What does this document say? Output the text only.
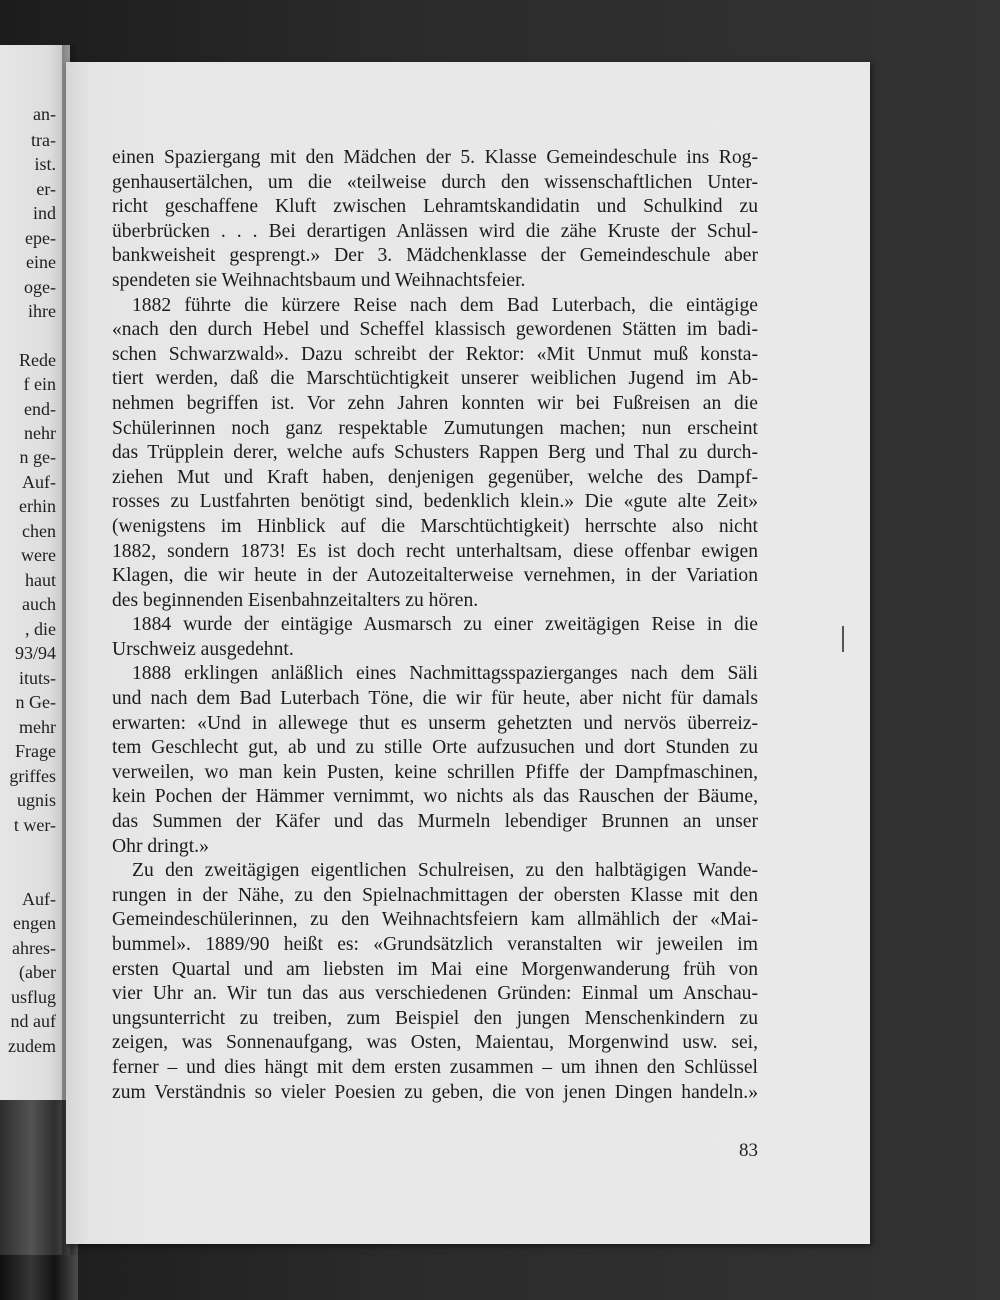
an-
tra-
ist.
er-
ind
epe-
eine
oge-
ihre
Rede
f ein
end-
nehr
n ge-
Auf-
erhin
chen
were
haut
auch
, die
93/94
ituts-
n Ge-
mehr
Frage
griffes
ugnis
t wer-
Auf-
engen
ahres-
(aber
usflug
nd auf
zudem

einen Spaziergang mit den Mädchen der 5. Klasse Gemeindeschule ins Rog-
genhausertälchen, um die «teilweise durch den wissenschaftlichen Unter-
richt geschaffene Kluft zwischen Lehramtskandidatin und Schulkind zu
überbrücken . . . Bei derartigen Anlässen wird die zähe Kruste der Schul-
bankweisheit gesprengt.» Der 3. Mädchenklasse der Gemeindeschule aber
spendeten sie Weihnachtsbaum und Weihnachtsfeier.

1882 führte die kürzere Reise nach dem Bad Luterbach, die eintägige
«nach den durch Hebel und Scheffel klassisch gewordenen Stätten im badi-
schen Schwarzwald». Dazu schreibt der Rektor: «Mit Unmut muß konsta-
tiert werden, daß die Marschtüchtigkeit unserer weiblichen Jugend im Ab-
nehmen begriffen ist. Vor zehn Jahren konnten wir bei Fußreisen an die
Schülerinnen noch ganz respektable Zumutungen machen; nun erscheint
das Trüpplein derer, welche aufs Schusters Rappen Berg und Thal zu durch-
ziehen Mut und Kraft haben, denjenigen gegenüber, welche des Dampf-
rosses zu Lustfahrten benötigt sind, bedenklich klein.» Die «gute alte Zeit»
(wenigstens im Hinblick auf die Marschtüchtigkeit) herrschte also nicht
1882, sondern 1873! Es ist doch recht unterhaltsam, diese offenbar ewigen
Klagen, die wir heute in der Autozeitalterweise vernehmen, in der Variation
des beginnenden Eisenbahnzeitalters zu hören.

1884 wurde der eintägige Ausmarsch zu einer zweitägigen Reise in die
Urschweiz ausgedehnt.

1888 erklingen anläßlich eines Nachmittagsspazierganges nach dem Säli
und nach dem Bad Luterbach Töne, die wir für heute, aber nicht für damals
erwarten: «Und in allewege thut es unserm gehetzten und nervös überreiz-
tem Geschlecht gut, ab und zu stille Orte aufzusuchen und dort Stunden zu
verweilen, wo man kein Pusten, keine schrillen Pfiffe der Dampfmaschinen,
kein Pochen der Hämmer vernimmt, wo nichts als das Rauschen der Bäume,
das Summen der Käfer und das Murmeln lebendiger Brunnen an unser
Ohr dringt.»

Zu den zweitägigen eigentlichen Schulreisen, zu den halbtägigen Wande-
rungen in der Nähe, zu den Spielnachmittagen der obersten Klasse mit den
Gemeindeschülerinnen, zu den Weihnachtsfeiern kam allmählich der «Mai-
bummel». 1889/90 heißt es: «Grundsätzlich veranstalten wir jeweilen im
ersten Quartal und am liebsten im Mai eine Morgenwanderung früh von
vier Uhr an. Wir tun das aus verschiedenen Gründen: Einmal um Anschau-
ungsunterricht zu treiben, zum Beispiel den jungen Menschenkindern zu
zeigen, was Sonnenaufgang, was Osten, Maientau, Morgenwind usw. sei,
ferner – und dies hängt mit dem ersten zusammen – um ihnen den Schlüssel
zum Verständnis so vieler Poesien zu geben, die von jenen Dingen handeln.»

83
